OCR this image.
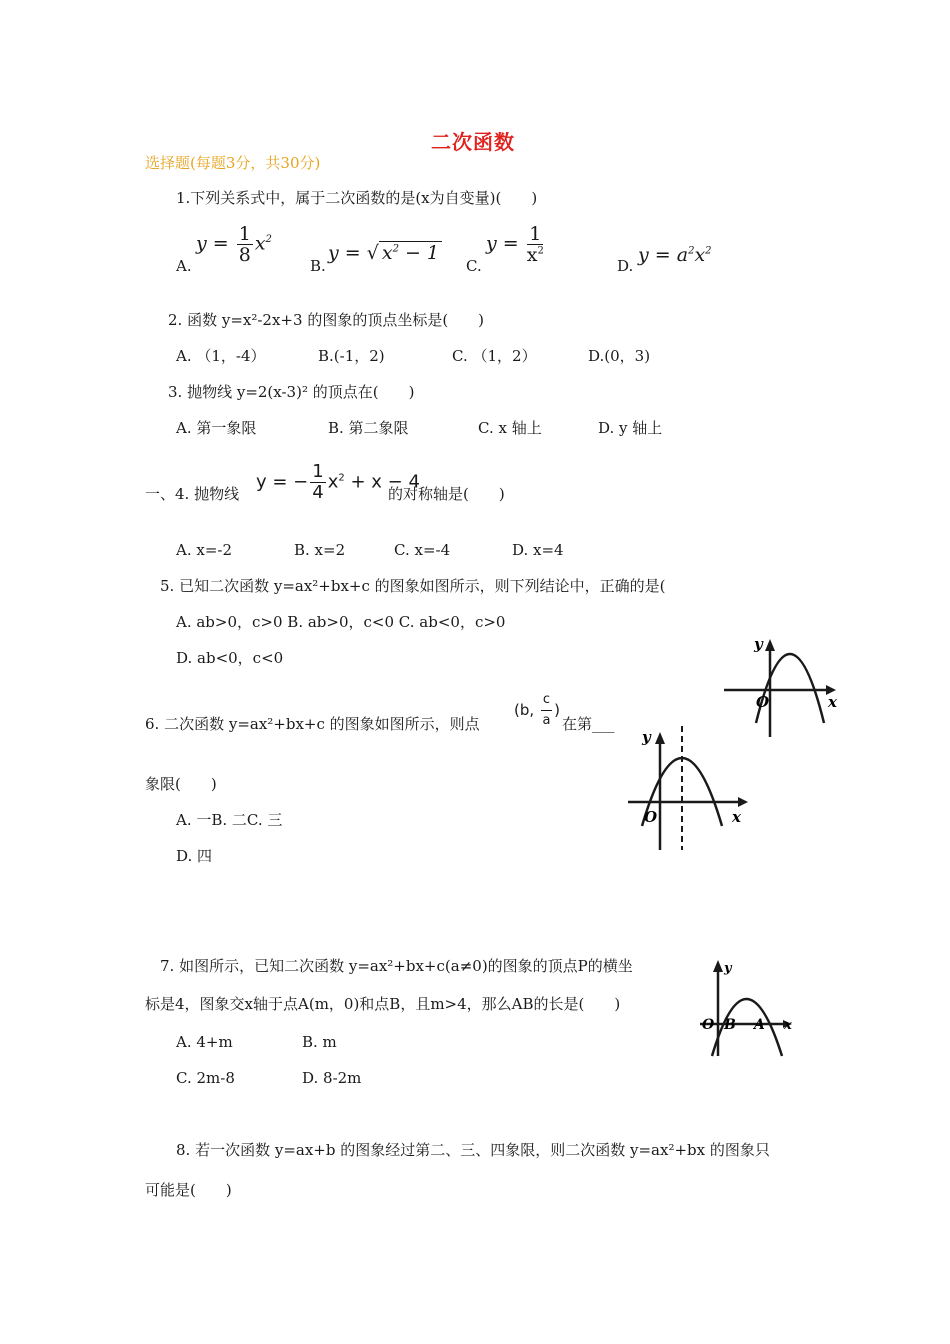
二次函数
选择题(每题3分，共30分)
1.下列关系式中，属于二次函数的是(x为自变量)(　　)
A.
$y = \frac{1}{8} x^2$
B.
y = √ $x^2 - 1$
C.
$y = \frac{1}{x^2}$
D. $y = a^2x^2$
2. 函数 y=x²-2x+3 的图象的顶点坐标是(　　)
A. （1，-4）	B.(-1，2)	C. （1，2）	D.(0，3)
3. 抛物线 y=2(x-3)² 的顶点在(　　)
A. 第一象限	B. 第二象限	C. x 轴上	D. y 轴上
一、4. 抛物线
y = − $\frac{1}{4} x^2 + x - 4$
的对称轴是(　　)
A. x=-2	B. x=2	C. x=-4	D. x=4
5. 已知二次函数 y=ax²+bx+c 的图象如图所示，则下列结论中，正确的是(
A. ab>0，c>0 B. ab>0，c<0 C. ab<0，c>0
D. ab<0，c<0
y
O	x
6. 二次函数 y=ax²+bx+c 的图象如图所示，则点
(b, $\frac{c}{a}$ )
在第___
象限(　　)
A. 一B. 二C. 三
D. 四
y
O	x
7. 如图所示，已知二次函数 y=ax²+bx+c(a≠0)的图象的顶点P的横坐
标是4，图象交x轴于点A(m，0)和点B，且m>4，那么AB的长是(　　)
A. 4+m	B. m
C. 2m-8	D. 8-2m
y
O B A x
8. 若一次函数 y=ax+b 的图象经过第二、三、四象限，则二次函数 y=ax²+bx 的图象只
可能是(　　)
